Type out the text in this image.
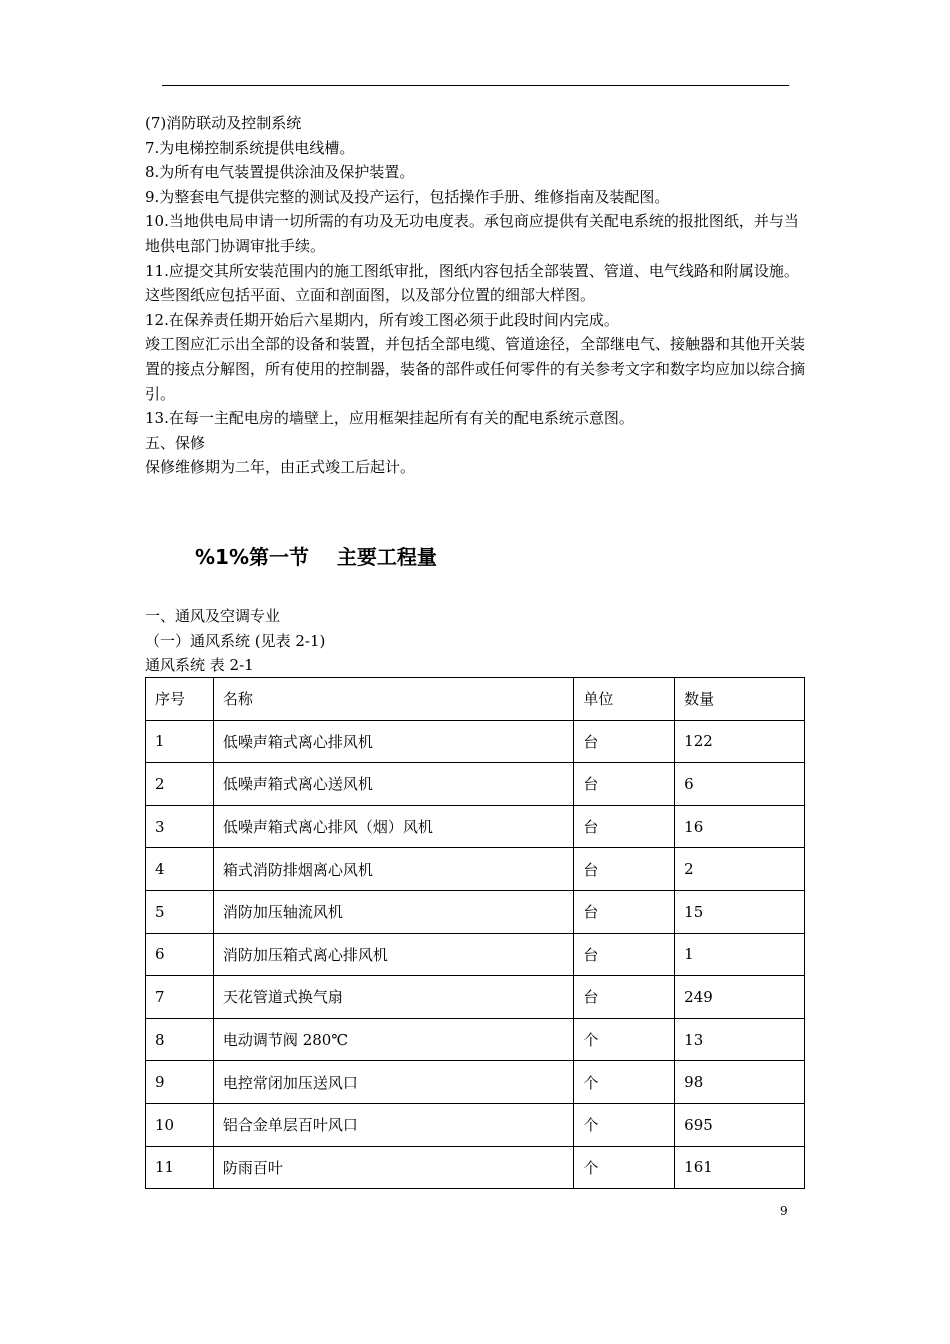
(7)消防联动及控制系统

7.为电梯控制系统提供电线槽。

8.为所有电气装置提供涂油及保护装置。

9.为整套电气提供完整的测试及投产运行，包括操作手册、维修指南及装配图。

10.当地供电局申请一切所需的有功及无功电度表。承包商应提供有关配电系统的报批图纸，并与当地供电部门协调审批手续。

11.应提交其所安装范围内的施工图纸审批，图纸内容包括全部装置、管道、电气线路和附属设施。这些图纸应包括平面、立面和剖面图，以及部分位置的细部大样图。

12.在保养责任期开始后六星期内，所有竣工图必须于此段时间内完成。

竣工图应汇示出全部的设备和装置，并包括全部电缆、管道途径，全部继电气、接触器和其他开关装置的接点分解图，所有使用的控制器，装备的部件或任何零件的有关参考文字和数字均应加以综合摘引。

13.在每一主配电房的墙壁上，应用框架挂起所有有关的配电系统示意图。

五、保修

保修维修期为二年，由正式竣工后起计。

%1%第一节    主要工程量

一、通风及空调专业

（一）通风系统 (见表 2-1)

通风系统 表 2-1

序号	名称	单位	数量
1	低噪声箱式离心排风机	台	122
2	低噪声箱式离心送风机	台	6
3	低噪声箱式离心排风（烟）风机	台	16
4	箱式消防排烟离心风机	台	2
5	消防加压轴流风机	台	15
6	消防加压箱式离心排风机	台	1
7	天花管道式换气扇	台	249
8	电动调节阀 280℃	个	13
9	电控常闭加压送风口	个	98
10	铝合金单层百叶风口	个	695
11	防雨百叶	个	161
9
